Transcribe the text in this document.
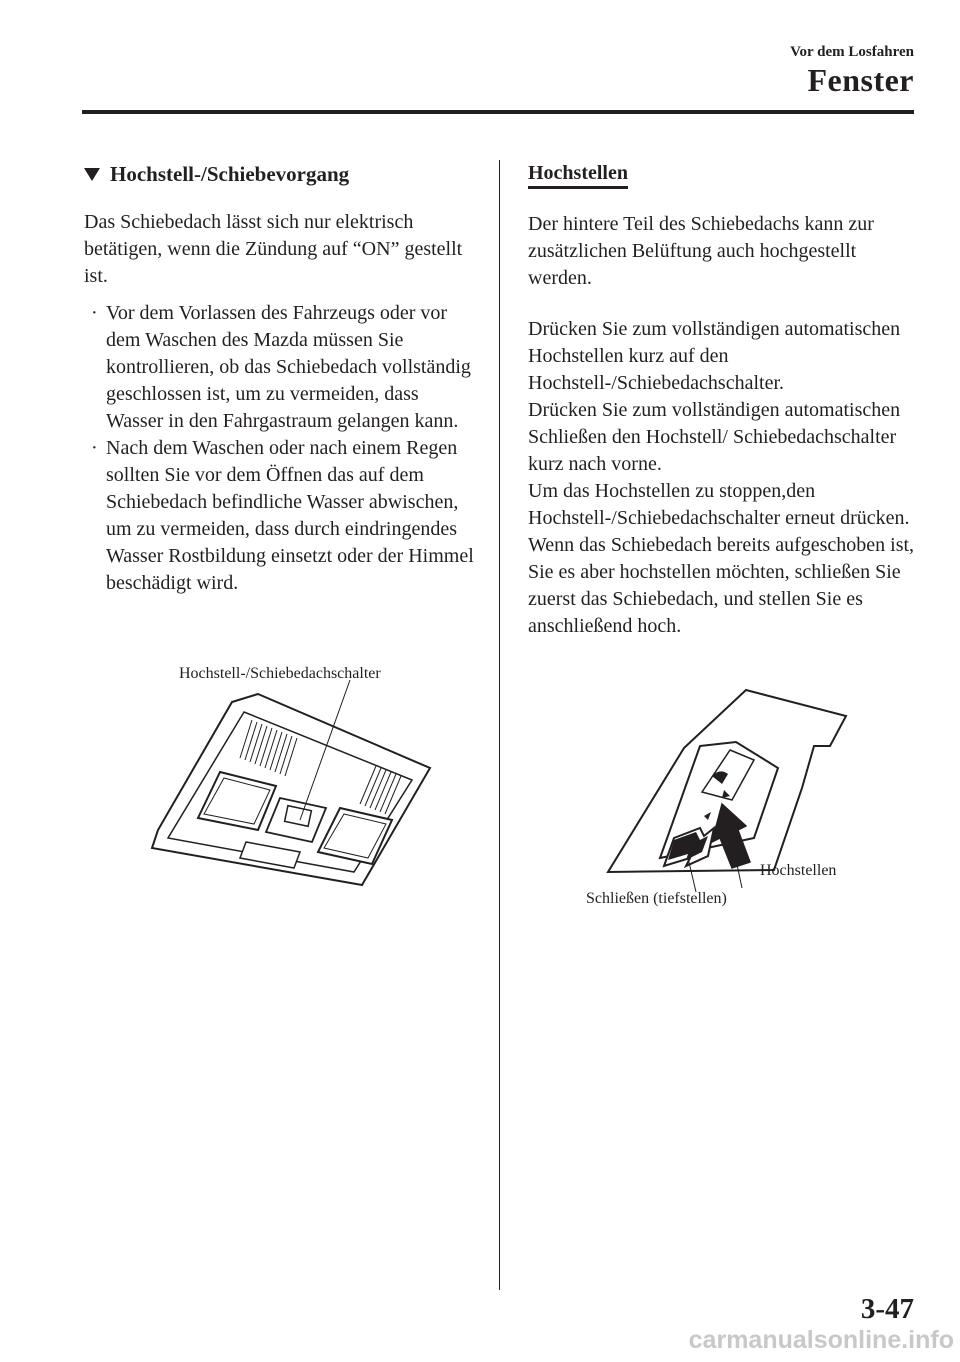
Vor dem Losfahren
Fenster
Hochstell-/Schiebevorgang

Das Schiebedach lässt sich nur elektrisch betätigen, wenn die Zündung auf “ON” gestellt ist.

· Vor dem Vorlassen des Fahrzeugs oder vor dem Waschen des Mazda müssen Sie kontrollieren, ob das Schiebedach vollständig geschlossen ist, um zu vermeiden, dass Wasser in den Fahrgastraum gelangen kann.
· Nach dem Waschen oder nach einem Regen sollten Sie vor dem Öffnen das auf dem Schiebedach befindliche Wasser abwischen, um zu vermeiden, dass durch eindringendes Wasser Rostbildung einsetzt oder der Himmel beschädigt wird.
Hochstell-/Schiebedachschalter
Hochstellen

Der hintere Teil des Schiebedachs kann zur zusätzlichen Belüftung auch hochgestellt werden.

Drücken Sie zum vollständigen automatischen Hochstellen kurz auf den Hochstell-/Schiebedachschalter.

Drücken Sie zum vollständigen automatischen Schließen den Hochstell/ Schiebedachschalter kurz nach vorne.

Um das Hochstellen zu stoppen,den Hochstell-/Schiebedachschalter erneut drücken.

Wenn das Schiebedach bereits aufgeschoben ist, Sie es aber hochstellen möchten, schließen Sie zuerst das Schiebedach, und stellen Sie es anschließend hoch.

Hochstellen
Schließen (tiefstellen)
3-47
carmanualsonline.info
